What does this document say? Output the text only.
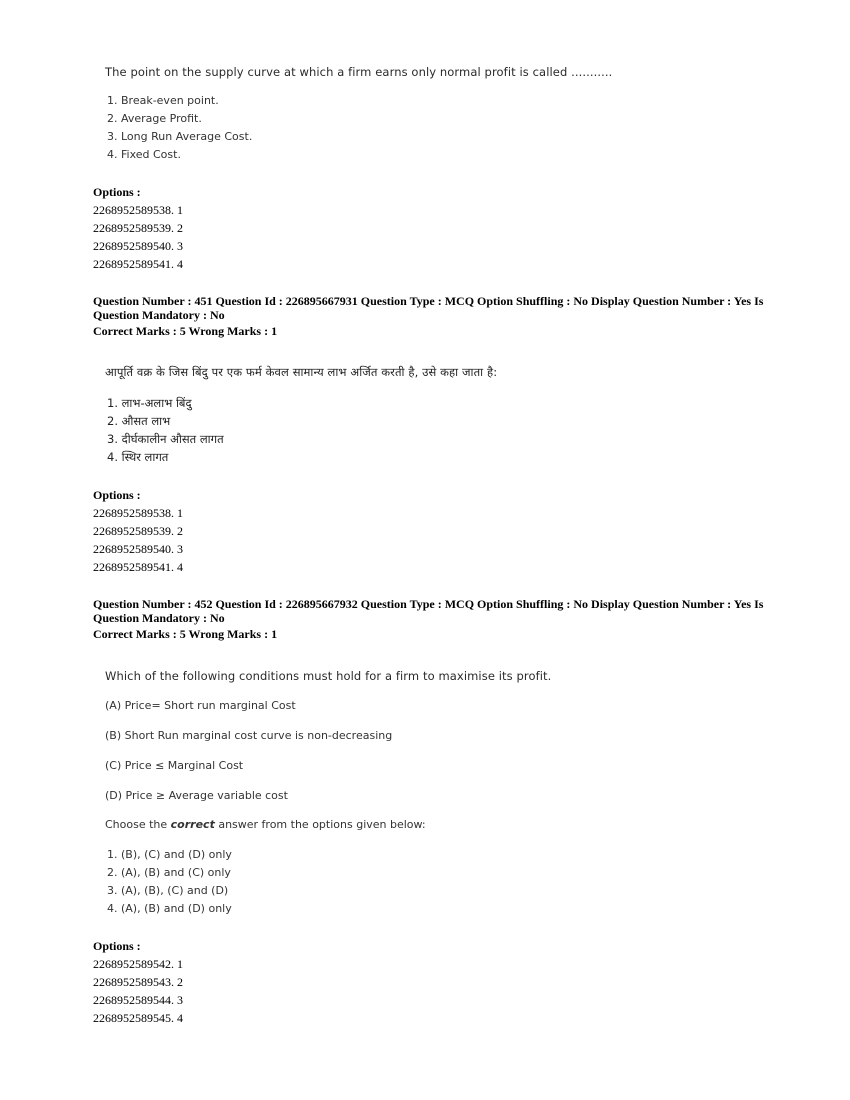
The point on the supply curve at which a firm earns only normal profit is called ...........
1. Break-even point.
2. Average Profit.
3. Long Run Average Cost.
4. Fixed Cost.
Options :
2268952589538. 1
2268952589539. 2
2268952589540. 3
2268952589541. 4
Question Number : 451 Question Id : 226895667931 Question Type : MCQ Option Shuffling : No Display Question Number : Yes Is
Question Mandatory : No
Correct Marks : 5 Wrong Marks : 1
आपूर्ति वक्र के जिस बिंदु पर एक फर्म केवल सामान्य लाभ अर्जित करती है, उसे कहा जाता है:
1. लाभ-अलाभ बिंदु
2. औसत लाभ
3. दीर्घकालीन औसत लागत
4. स्थिर लागत
Options :
2268952589538. 1
2268952589539. 2
2268952589540. 3
2268952589541. 4
Question Number : 452 Question Id : 226895667932 Question Type : MCQ Option Shuffling : No Display Question Number : Yes Is
Question Mandatory : No
Correct Marks : 5 Wrong Marks : 1
Which of the following conditions must hold for a firm to maximise its profit.
(A) Price= Short run marginal Cost
(B) Short Run marginal cost curve is non-decreasing
(C) Price ≤ Marginal Cost
(D) Price ≥ Average variable cost
Choose the correct answer from the options given below:
1. (B), (C) and (D) only
2. (A), (B) and (C) only
3. (A), (B), (C) and (D)
4. (A), (B) and (D) only
Options :
2268952589542. 1
2268952589543. 2
2268952589544. 3
2268952589545. 4
